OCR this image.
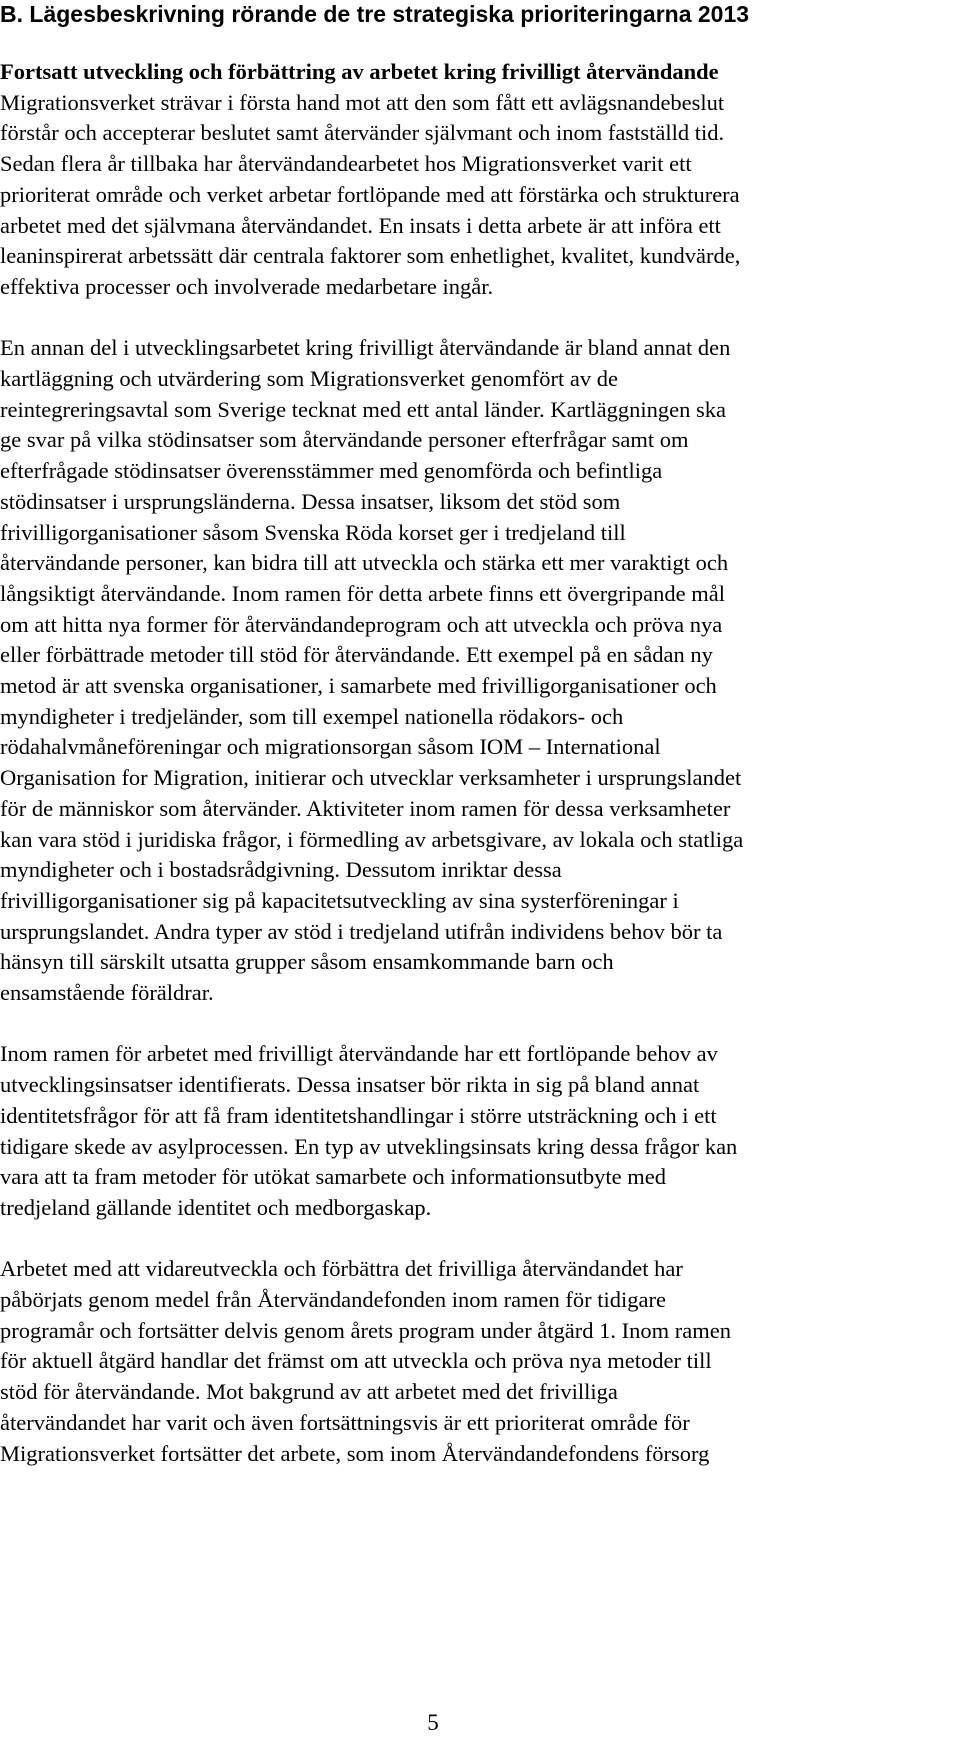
B. Lägesbeskrivning rörande de tre strategiska prioriteringarna 2013
Fortsatt utveckling och förbättring av arbetet kring frivilligt återvändande
Migrationsverket strävar i första hand mot att den som fått ett avlägsnandebeslut
förstår och accepterar beslutet samt återvänder självmant och inom fastställd tid.
Sedan flera år tillbaka har återvändandearbetet hos Migrationsverket varit ett
prioriterat område och verket arbetar fortlöpande med att förstärka och strukturera
arbetet med det självmana återvändandet. En insats i detta arbete är att införa ett
leaninspirerat arbetssätt där centrala faktorer som enhetlighet, kvalitet, kundvärde,
effektiva processer och involverade medarbetare ingår.
En annan del i utvecklingsarbetet kring frivilligt återvändande är bland annat den
kartläggning och utvärdering som Migrationsverket genomfört av de
reintegreringsavtal som Sverige tecknat med ett antal länder. Kartläggningen ska
ge svar på vilka stödinsatser som återvändande personer efterfrågar samt om
efterfrågade stödinsatser överensstämmer med genomförda och befintliga
stödinsatser i ursprungsländerna. Dessa insatser, liksom det stöd som
frivilligorganisationer såsom Svenska Röda korset ger i tredjeland till
återvändande personer, kan bidra till att utveckla och stärka ett mer varaktigt och
långsiktigt återvändande. Inom ramen för detta arbete finns ett övergripande mål
om att hitta nya former för återvändandeprogram och att utveckla och pröva nya
eller förbättrade metoder till stöd för återvändande. Ett exempel på en sådan ny
metod är att svenska organisationer, i samarbete med frivilligorganisationer och
myndigheter i tredjeländer, som till exempel nationella rödakors- och
rödahalvmåneföreningar och migrationsorgan såsom IOM – International
Organisation for Migration, initierar och utvecklar verksamheter i ursprungslandet
för de människor som återvänder. Aktiviteter inom ramen för dessa verksamheter
kan vara stöd i juridiska frågor, i förmedling av arbetsgivare, av lokala och statliga
myndigheter och i bostadsrådgivning. Dessutom inriktar dessa
frivilligorganisationer sig på kapacitetsutveckling av sina systerföreningar i
ursprungslandet. Andra typer av stöd i tredjeland utifrån individens behov bör ta
hänsyn till särskilt utsatta grupper såsom ensamkommande barn och
ensamstående föräldrar.
Inom ramen för arbetet med frivilligt återvändande har ett fortlöpande behov av
utvecklingsinsatser identifierats. Dessa insatser bör rikta in sig på bland annat
identitetsfrågor för att få fram identitetshandlingar i större utsträckning och i ett
tidigare skede av asylprocessen. En typ av utveklingsinsats kring dessa frågor kan
vara att ta fram metoder för utökat samarbete och informationsutbyte med
tredjeland gällande identitet och medborgaskap.
Arbetet med att vidareutveckla och förbättra det frivilliga återvändandet har
påbörjats genom medel från Återvändandefonden inom ramen för tidigare
programår och fortsätter delvis genom årets program under åtgärd 1. Inom ramen
för aktuell åtgärd handlar det främst om att utveckla och pröva nya metoder till
stöd för återvändande. Mot bakgrund av att arbetet med det frivilliga
återvändandet har varit och även fortsättningsvis är ett prioriterat område för
Migrationsverket fortsätter det arbete, som inom Återvändandefondens försorg
5
